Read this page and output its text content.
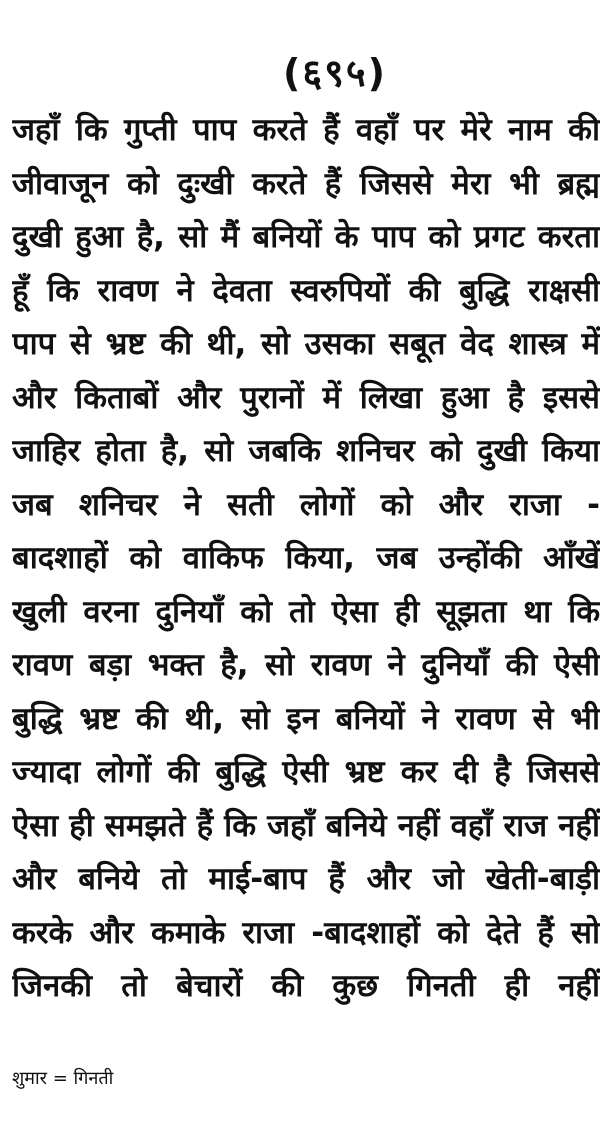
(६९५)
जहाँ कि गुप्ती पाप करते हैं वहाँ पर मेरे नाम की
जीवाजून को दुःखी करते हैं जिससे मेरा भी ब्रह्म
दुखी हुआ है, सो मैं बनियों के पाप को प्रगट करता
हूँ कि रावण ने देवता स्वरुपियों की बुद्धि राक्षसी
पाप से भ्रष्ट की थी, सो उसका सबूत वेद शास्त्र में
और किताबों और पुरानों में लिखा हुआ है इससे
जाहिर होता है, सो जबकि शनिचर को दुखी किया
जब शनिचर ने सती लोगों को और राजा -
बादशाहों को वाकिफ किया, जब उन्होंकी आँखें
खुली वरना दुनियाँ को तो ऐसा ही सूझता था कि
रावण बड़ा भक्त है, सो रावण ने दुनियाँ की ऐसी
बुद्धि भ्रष्ट की थी, सो इन बनियों ने रावण से भी
ज्यादा लोगों की बुद्धि ऐसी भ्रष्ट कर दी है जिससे
ऐसा ही समझते हैं कि जहाँ बनिये नहीं वहाँ राज नहीं
और बनिये तो माई-बाप हैं और जो खेती-बाड़ी
करके और कमाके राजा -बादशाहों को देते हैं सो
जिनकी तो बेचारों की कुछ गिनती ही नहीं
शुमार = गिनती
